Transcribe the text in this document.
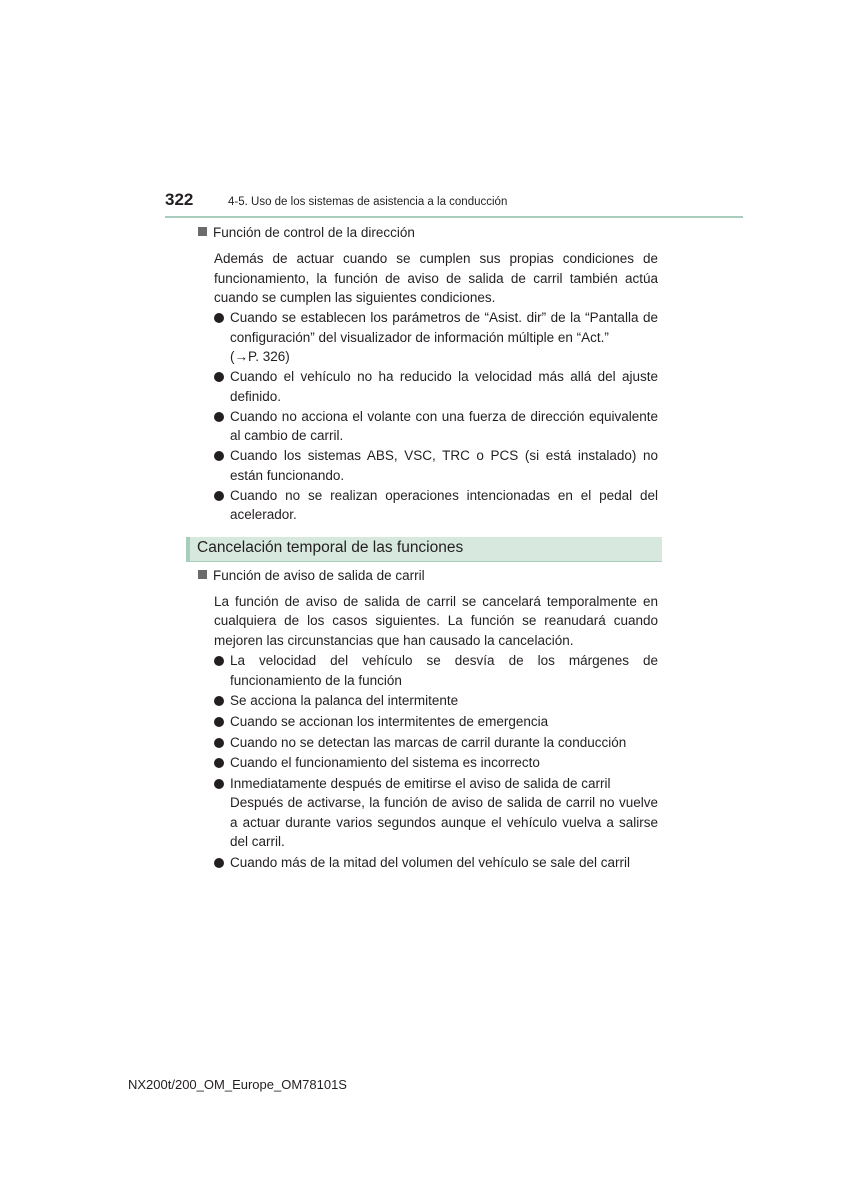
322	4-5. Uso de los sistemas de asistencia a la conducción
Función de control de la dirección
Además de actuar cuando se cumplen sus propias condiciones de funcionamiento, la función de aviso de salida de carril también actúa cuando se cumplen las siguientes condiciones.
Cuando se establecen los parámetros de “Asist. dir” de la “Pantalla de configuración” del visualizador de información múltiple en “Act.”
(→P. 326)
Cuando el vehículo no ha reducido la velocidad más allá del ajuste definido.
Cuando no acciona el volante con una fuerza de dirección equivalente al cambio de carril.
Cuando los sistemas ABS, VSC, TRC o PCS (si está instalado) no están funcionando.
Cuando no se realizan operaciones intencionadas en el pedal del acelerador.
Cancelación temporal de las funciones
Función de aviso de salida de carril
La función de aviso de salida de carril se cancelará temporalmente en cualquiera de los casos siguientes. La función se reanudará cuando mejoren las circunstancias que han causado la cancelación.
La velocidad del vehículo se desvía de los márgenes de funcionamiento de la función
Se acciona la palanca del intermitente
Cuando se accionan los intermitentes de emergencia
Cuando no se detectan las marcas de carril durante la conducción
Cuando el funcionamiento del sistema es incorrecto
Inmediatamente después de emitirse el aviso de salida de carril
Después de activarse, la función de aviso de salida de carril no vuelve a actuar durante varios segundos aunque el vehículo vuelva a salirse del carril.
Cuando más de la mitad del volumen del vehículo se sale del carril
NX200t/200_OM_Europe_OM78101S
